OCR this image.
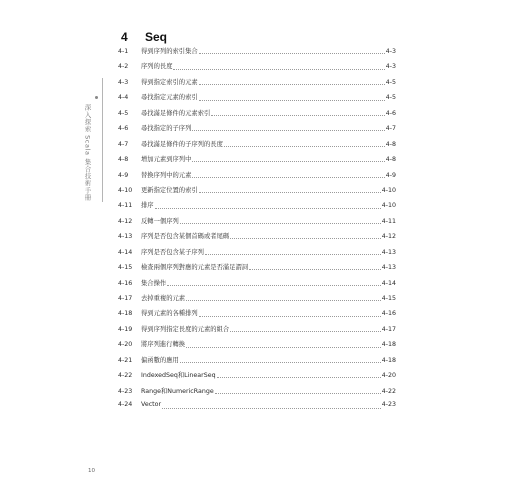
深入探索 Scala 集合技術手冊
4 Seq
4-1	得到序列的索引集合	4-3
4-2	序列的長度	4-3
4-3	得到指定索引的元素	4-5
4-4	尋找指定元素的索引	4-5
4-5	尋找滿足條件的元素索引	4-6
4-6	尋找指定的子序列	4-7
4-7	尋找滿足條件的子序列的長度	4-8
4-8	增加元素到序列中	4-8
4-9	替換序列中的元素	4-9
4-10	更新指定位置的索引	4-10
4-11	排序	4-10
4-12	反轉一個序列	4-11
4-13	序列是否包含某個首碼或者尾碼	4-12
4-14	序列是否包含某子序列	4-13
4-15	檢查兩個序列對應的元素是否滿足謂詞	4-13
4-16	集合操作	4-14
4-17	去掉重複的元素	4-15
4-18	得到元素的各種排列	4-16
4-19	得到序列指定長度的元素的組合	4-17
4-20	將序列進行轉換	4-18
4-21	偏函數的應用	4-18
4-22	IndexedSeq和LinearSeq	4-20
4-23	Range和NumericRange	4-22
4-24	Vector	4-23
10
